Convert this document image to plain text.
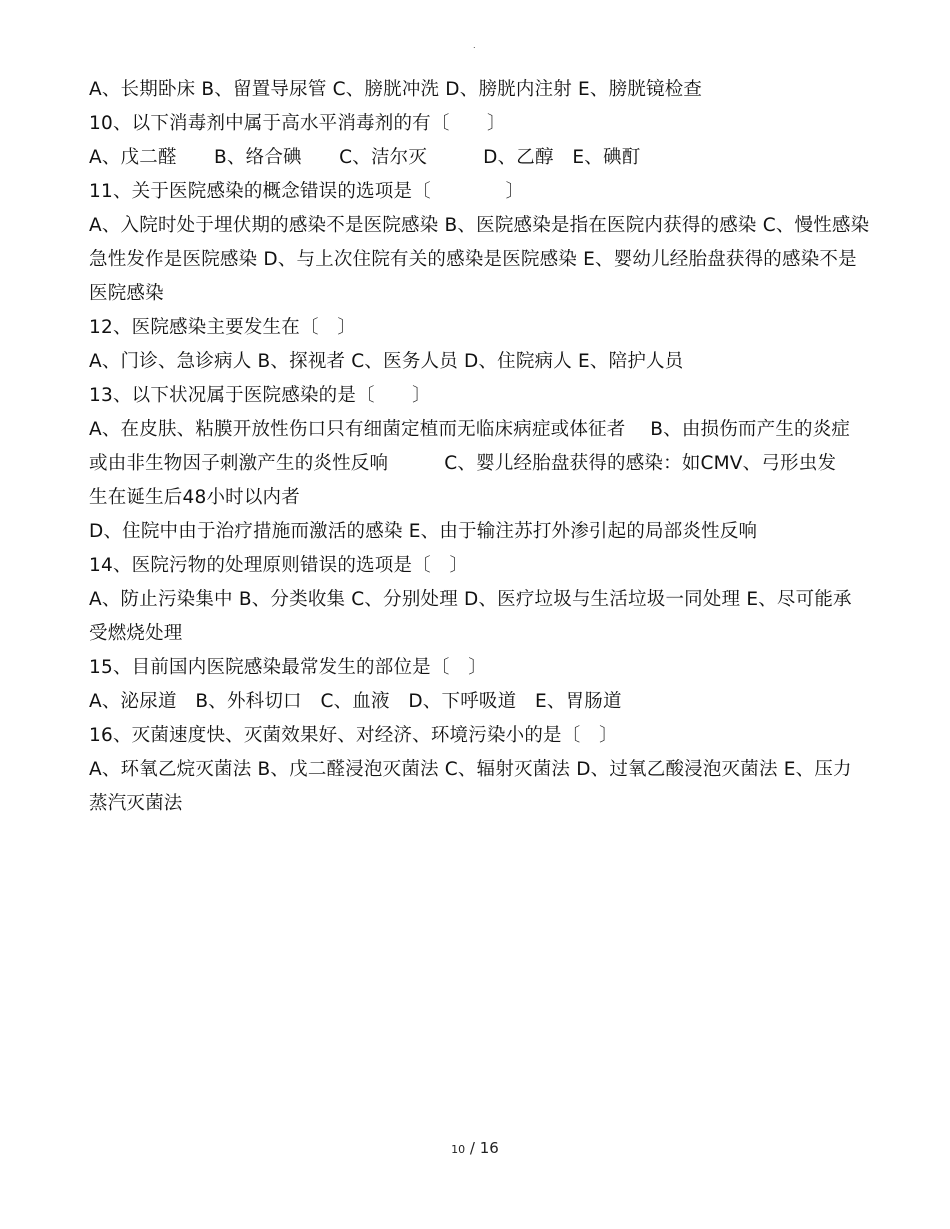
.
A、长期卧床 B、留置导尿管 C、膀胱冲洗 D、膀胱内注射 E、膀胱镜检查
10、以下消毒剂中属于高水平消毒剂的有〔　　〕
A、戊二醛　　B、络合碘　　C、洁尔灭　　　D、乙醇　E、碘酊
11、关于医院感染的概念错误的选项是〔　　　　〕
A、入院时处于埋伏期的感染不是医院感染 B、医院感染是指在医院内获得的感染 C、慢性感染
急性发作是医院感染 D、与上次住院有关的感染是医院感染 E、婴幼儿经胎盘获得的感染不是
医院感染
12、医院感染主要发生在〔　〕
A、门诊、急诊病人 B、探视者 C、医务人员 D、住院病人 E、陪护人员
13、以下状况属于医院感染的是〔　　〕
A、在皮肤、粘膜开放性伤口只有细菌定植而无临床病症或体征者　 B、由损伤而产生的炎症
或由非生物因子刺激产生的炎性反响　　　C、婴儿经胎盘获得的感染：如CMV、弓形虫发
生在诞生后48小时以内者
D、住院中由于治疗措施而激活的感染 E、由于输注苏打外渗引起的局部炎性反响
14、医院污物的处理原则错误的选项是〔　〕
A、防止污染集中 B、分类收集 C、分别处理 D、医疗垃圾与生活垃圾一同处理 E、尽可能承
受燃烧处理
15、目前国内医院感染最常发生的部位是〔　〕
A、泌尿道　B、外科切口　C、血液　D、下呼吸道　E、胃肠道
16、灭菌速度快、灭菌效果好、对经济、环境污染小的是〔　〕
A、环氧乙烷灭菌法 B、戊二醛浸泡灭菌法 C、辐射灭菌法 D、过氧乙酸浸泡灭菌法 E、压力
蒸汽灭菌法
10 / 16
